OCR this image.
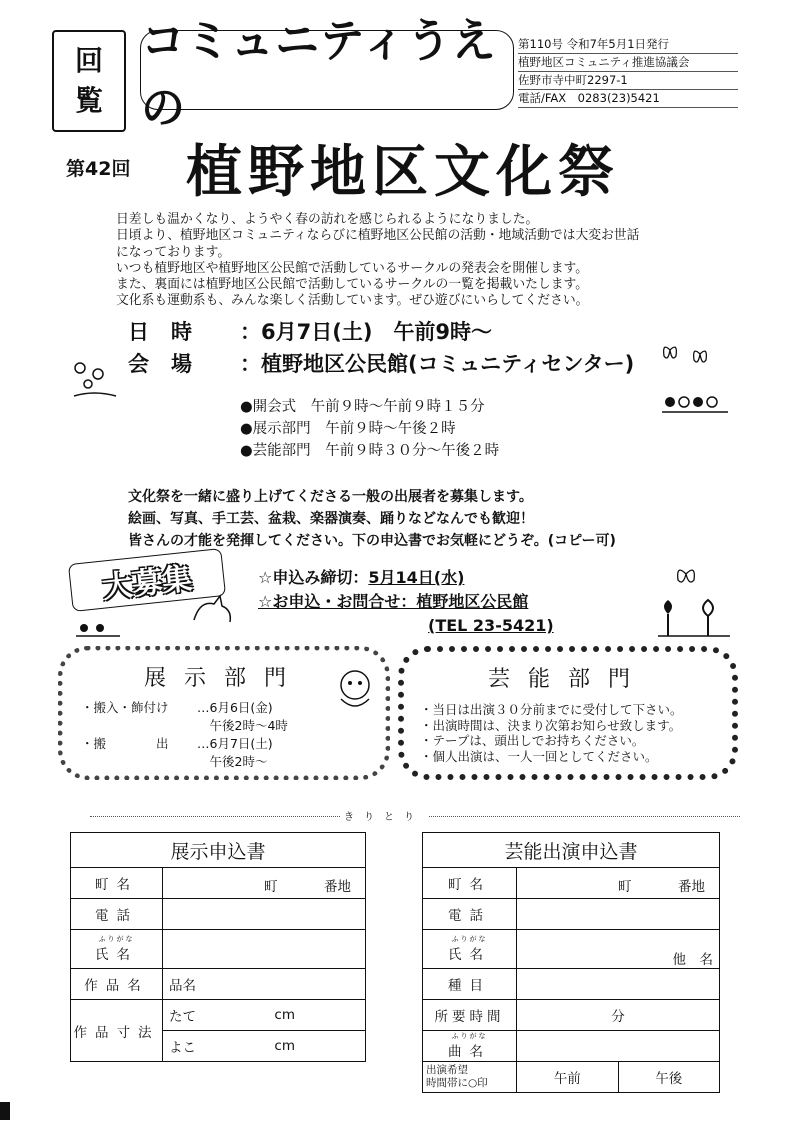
回
覧
コミュニティうえの
第110号 令和7年5月1日発行
植野地区コミュニティ推進協議会
佐野市寺中町2297-1
電話/FAX　0283(23)5421
第42回 植野地区文化祭

日差しも温かくなり、ようやく春の訪れを感じられるようになりました。

日頃より、植野地区コミュニティならびに植野地区公民館の活動・地域活動では大変お世話

になっております。

いつも植野地区や植野地区公民館で活動しているサークルの発表会を開催します。

また、裏面には植野地区公民館で活動しているサークルの一覧を掲載いたします。

文化系も運動系も、みんな楽しく活動しています。ぜひ遊びにいらしてください。

日時	：6月7日(土)　午前9時～
会場	：植野地区公民館(コミュニティセンター)
●開会式　午前９時～午前９時１５分
●展示部門　午前９時～午後２時
●芸能部門　午前９時３０分～午後２時
文化祭を一緒に盛り上げてくださる一般の出展者を募集します。
絵画、写真、手工芸、盆栽、楽器演奏、踊りなどなんでも歓迎！
皆さんの才能を発揮してください。下の申込書でお気軽にどうぞ。(コピー可)
大募集	☆申込み締切：5月14日(水)
☆お申込・お問合せ：植野地区公民館
(TEL 23-5421)
展示部門
・搬入・飾付け	…6月6日(金)
　午後2時～4時
・搬　　　　出	…6月7日(土)
　午後2時～
芸能部門
・当日は出演３０分前までに受付して下さい。
・出演時間は、決まり次第お知らせ致します。
・テープは、頭出しでお持ちください。
・個人出演は、一人一回としてください。
きりとり
展示申込書	
町名	町 番地

電話	

ふりがな
氏名	
作品名	品名
作品寸法	たて cm

	よこ cm
芸能出演申込書		
町名	町 番地	

電話		

ふりがな
氏名	他　名	

種目		
所要時間	分	

ふりがな
曲名		

出演希望
時間帯に○印	午前	午後
